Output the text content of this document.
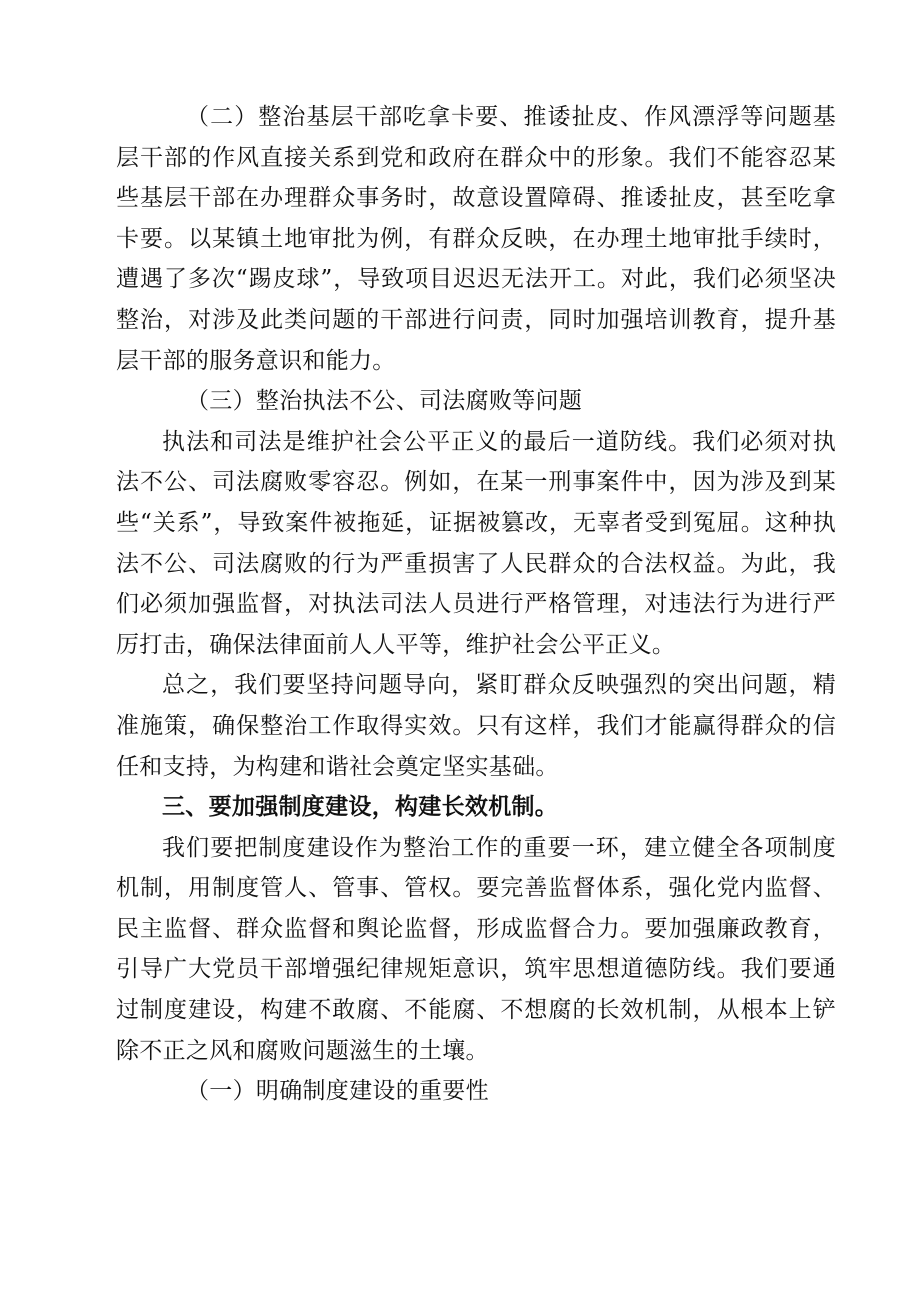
（二）整治基层干部吃拿卡要、推诿扯皮、作风漂浮等问题基层干部的作风直接关系到党和政府在群众中的形象。我们不能容忍某些基层干部在办理群众事务时，故意设置障碍、推诿扯皮，甚至吃拿卡要。以某镇土地审批为例，有群众反映，在办理土地审批手续时，遭遇了多次“踢皮球”，导致项目迟迟无法开工。对此，我们必须坚决整治，对涉及此类问题的干部进行问责，同时加强培训教育，提升基层干部的服务意识和能力。

（三）整治执法不公、司法腐败等问题

执法和司法是维护社会公平正义的最后一道防线。我们必须对执法不公、司法腐败零容忍。例如，在某一刑事案件中，因为涉及到某些“关系”，导致案件被拖延，证据被篡改，无辜者受到冤屈。这种执法不公、司法腐败的行为严重损害了人民群众的合法权益。为此，我们必须加强监督，对执法司法人员进行严格管理，对违法行为进行严厉打击，确保法律面前人人平等，维护社会公平正义。

总之，我们要坚持问题导向，紧盯群众反映强烈的突出问题，精准施策，确保整治工作取得实效。只有这样，我们才能赢得群众的信任和支持，为构建和谐社会奠定坚实基础。

三、要加强制度建设，构建长效机制。

我们要把制度建设作为整治工作的重要一环，建立健全各项制度机制，用制度管人、管事、管权。要完善监督体系，强化党内监督、民主监督、群众监督和舆论监督，形成监督合力。要加强廉政教育，引导广大党员干部增强纪律规矩意识，筑牢思想道德防线。我们要通过制度建设，构建不敢腐、不能腐、不想腐的长效机制，从根本上铲除不正之风和腐败问题滋生的土壤。

（一）明确制度建设的重要性
